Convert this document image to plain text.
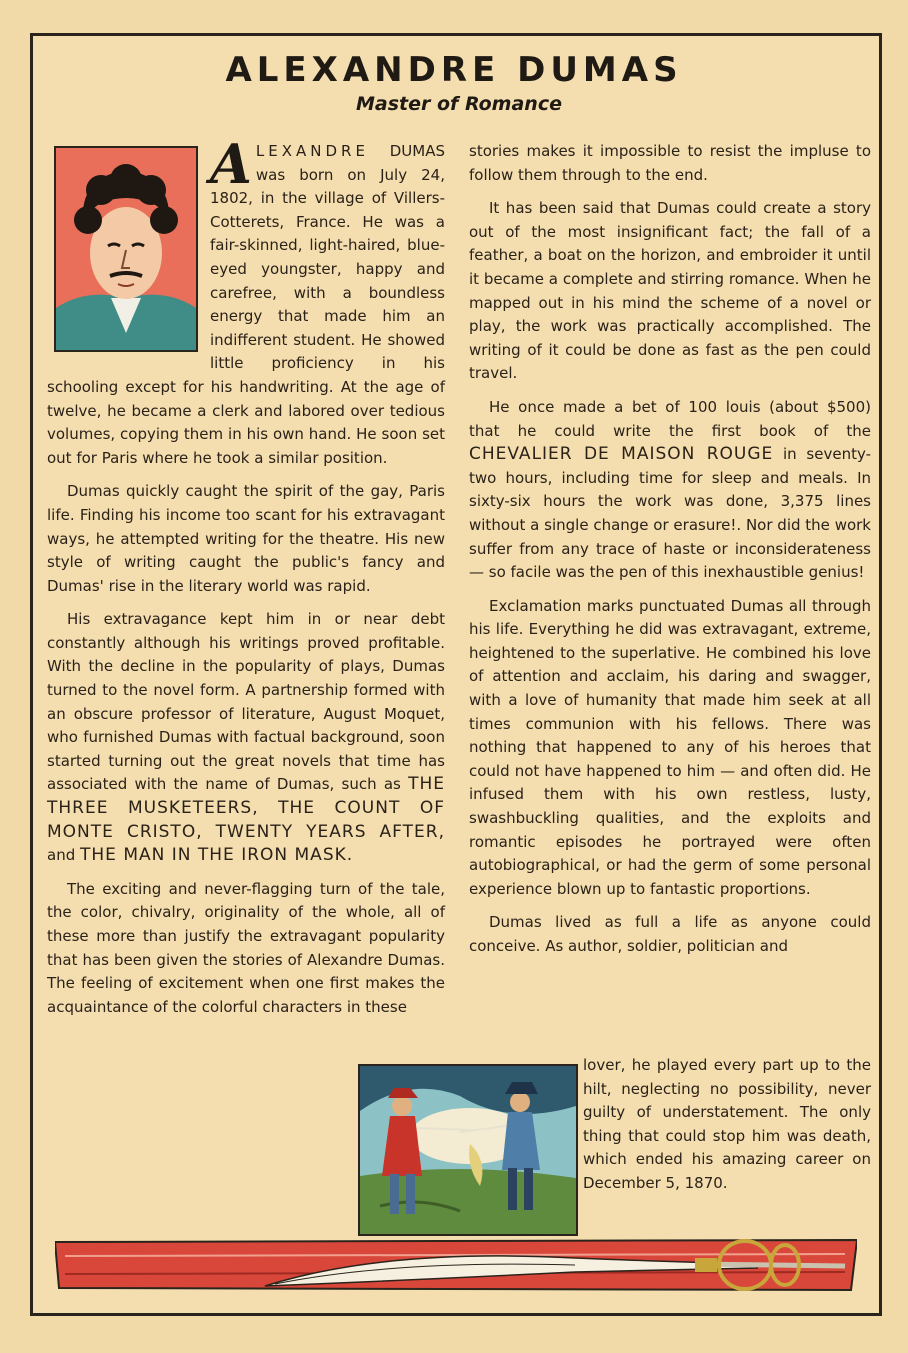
ALEXANDRE DUMAS
Master of Romance

A LEXANDRE DUMAS was born on July 24, 1802, in the village of Villers-Cotterets, France. He was a fair-skinned, light-haired, blue-eyed youngster, happy and carefree, with a boundless energy that made him an indifferent student. He showed little proficiency in his schooling except for his handwriting. At the age of twelve, he became a clerk and labored over tedious volumes, copying them in his own hand. He soon set out for Paris where he took a similar position.

Dumas quickly caught the spirit of the gay, Paris life. Finding his income too scant for his extravagant ways, he attempted writing for the theatre. His new style of writing caught the public's fancy and Dumas' rise in the literary world was rapid.

His extravagance kept him in or near debt constantly although his writings proved profitable. With the decline in the popularity of plays, Dumas turned to the novel form. A partnership formed with an obscure professor of literature, August Moquet, who furnished Dumas with factual background, soon started turning out the great novels that time has associated with the name of Dumas, such as THE THREE MUSKETEERS, THE COUNT OF MONTE CRISTO, TWENTY YEARS AFTER, and THE MAN IN THE IRON MASK.

The exciting and never-flagging turn of the tale, the color, chivalry, originality of the whole, all of these more than justify the extravagant popularity that has been given the stories of Alexandre Dumas. The feeling of excitement when one first makes the acquaintance of the colorful characters in these

stories makes it impossible to resist the impluse to follow them through to the end.

It has been said that Dumas could create a story out of the most insignificant fact; the fall of a feather, a boat on the horizon, and embroider it until it became a complete and stirring romance. When he mapped out in his mind the scheme of a novel or play, the work was practically accomplished. The writing of it could be done as fast as the pen could travel.

He once made a bet of 100 louis (about $500) that he could write the first book of the CHEVALIER DE MAISON ROUGE in seventy-two hours, including time for sleep and meals. In sixty-six hours the work was done, 3,375 lines without a single change or erasure!. Nor did the work suffer from any trace of haste or inconsiderateness — so facile was the pen of this inexhaustible genius!

Exclamation marks punctuated Dumas all through his life. Everything he did was extravagant, extreme, heightened to the superlative. He combined his love of attention and acclaim, his daring and swagger, with a love of humanity that made him seek at all times communion with his fellows. There was nothing that happened to any of his heroes that could not have happened to him — and often did. He infused them with his own restless, lusty, swashbuckling qualities, and the exploits and romantic episodes he portrayed were often autobiographical, or had the germ of some personal experience blown up to fantastic proportions.

Dumas lived as full a life as anyone could conceive. As author, soldier, politician and

lover, he played every part up to the hilt, neglecting no possibility, never guilty of understatement. The only thing that could stop him was death, which ended his amazing career on December 5, 1870.
